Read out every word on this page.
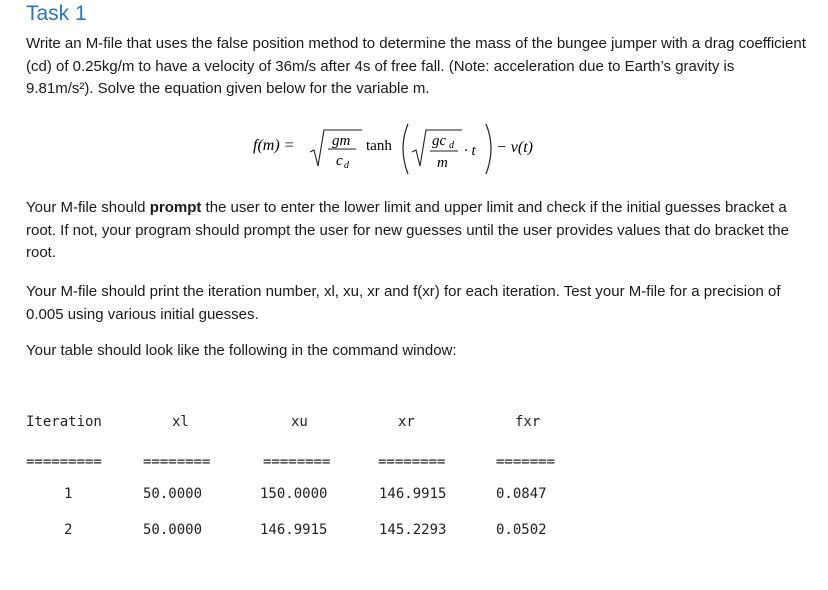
Task 1
Write an M-file that uses the false position method to determine the mass of the bungee jumper with a drag coefficient (cd) of 0.25kg/m to have a velocity of 36m/s after 4s of free fall. (Note: acceleration due to Earth’s gravity is 9.81m/s²). Solve the equation given below for the variable m.
f(m) =	gm
c d
tanh	gc d
m
· t − v(t)
Your M-file should prompt the user to enter the lower limit and upper limit and check if the initial guesses bracket a root. If not, your program should prompt the user for new guesses until the user provides values that do bracket the root.
Your M-file should print the iteration number, xl, xu, xr and f(xr) for each iteration. Test your M-file for a precision of 0.005 using various initial guesses.
Your table should look like the following in the command window:
Iteration	xl	xu	xr	fxr
=========	========	========	========	=======
1	50.0000	150.0000	146.9915	0.0847
2	50.0000	146.9915	145.2293	0.0502
